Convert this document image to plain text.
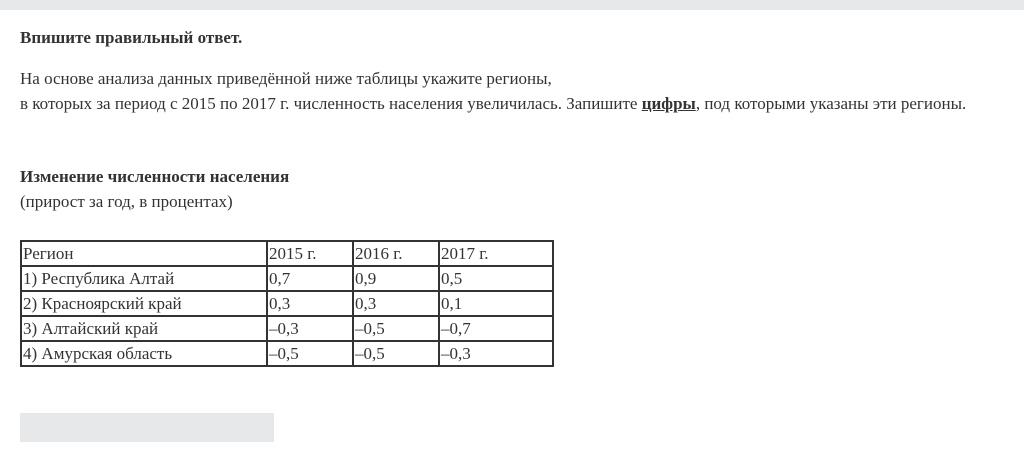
Впишите правильный ответ.
На основе анализа данных приведённой ниже таблицы укажите регионы,
в которых за период с 2015 по 2017 г. численность населения увеличилась. Запишите цифры, под которыми указаны эти регионы.
Изменение численности населения
(прирост за год, в процентах)
Регион	2015 г.	2016 г.	2017 г.
1) Республика Алтай	0,7	0,9	0,5
2) Красноярский край	0,3	0,3	0,1
3) Алтайский край	–0,3	–0,5	–0,7
4) Амурская область	–0,5	–0,5	–0,3
